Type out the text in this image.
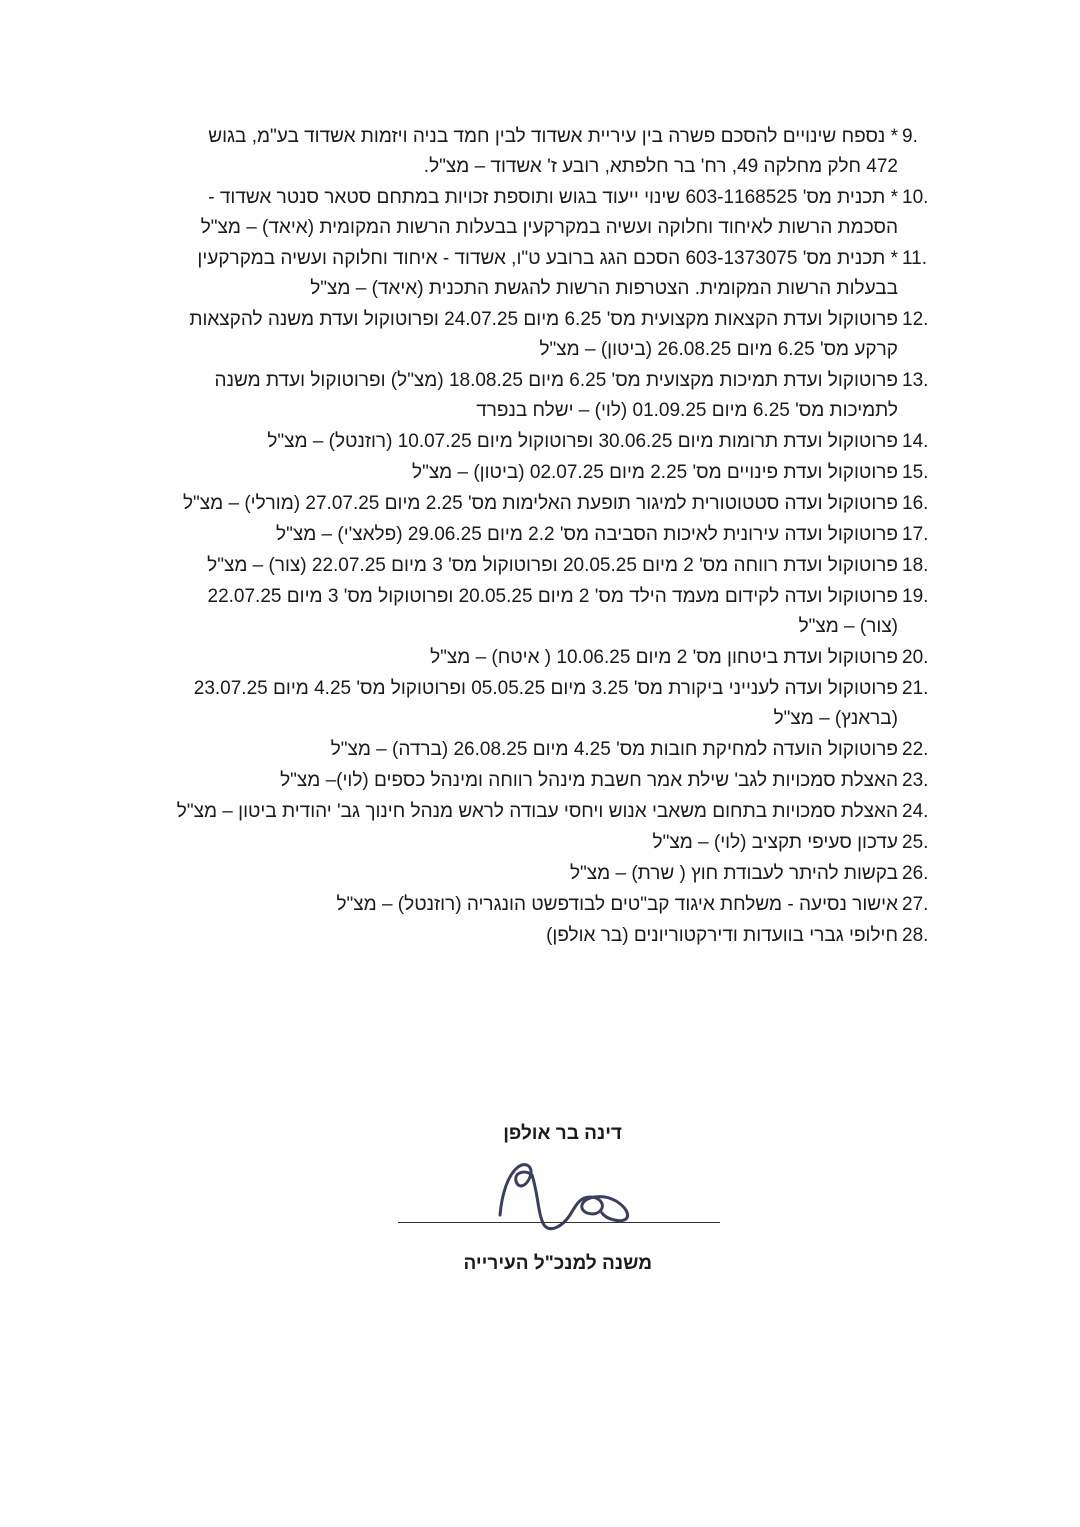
9.
* נספח שינויים להסכם פשרה בין עיריית אשדוד לבין חמד בניה ויזמות אשדוד בע"מ, בגוש 472 חלק מחלקה 49, רח' בר חלפתא, רובע ז' אשדוד – מצ"ל.
10.
* תכנית מס' 603-1168525 שינוי ייעוד בגוש ותוספת זכויות במתחם סטאר סנטר אשדוד - הסכמת הרשות לאיחוד וחלוקה ועשיה במקרקעין בבעלות הרשות המקומית (איאד) – מצ"ל
11.
* תכנית מס' 603-1373075 הסכם הגג ברובע ט"ו, אשדוד - איחוד וחלוקה ועשיה במקרקעין בבעלות הרשות המקומית. הצטרפות הרשות להגשת התכנית (איאד) – מצ"ל
12.
פרוטוקול ועדת הקצאות מקצועית מס' 6.25 מיום 24.07.25 ופרוטוקול ועדת משנה להקצאות קרקע מס' 6.25 מיום 26.08.25 (ביטון) – מצ"ל
13.
פרוטוקול ועדת תמיכות מקצועית מס' 6.25 מיום 18.08.25 (מצ"ל) ופרוטוקול ועדת משנה לתמיכות מס' 6.25 מיום 01.09.25 (לוי) – ישלח בנפרד
14.
פרוטוקול ועדת תרומות מיום 30.06.25 ופרוטוקול מיום 10.07.25 (רוזנטל) – מצ"ל
15.
פרוטוקול ועדת פינויים מס' 2.25 מיום 02.07.25 (ביטון) – מצ"ל
16.
פרוטוקול ועדה סטטוטורית למיגור תופעת האלימות מס' 2.25 מיום 27.07.25 (מורלי) – מצ"ל
17.
פרוטוקול ועדה עירונית לאיכות הסביבה מס' 2.2 מיום 29.06.25 (פלאצ'י) – מצ"ל
18.
פרוטוקול ועדת רווחה מס' 2 מיום 20.05.25 ופרוטוקול מס' 3 מיום 22.07.25 (צור) – מצ"ל
19.
פרוטוקול ועדה לקידום מעמד הילד מס' 2 מיום 20.05.25 ופרוטוקול מס' 3 מיום 22.07.25 (צור) – מצ"ל
20.
פרוטוקול ועדת ביטחון מס' 2 מיום 10.06.25 ( איטח) – מצ"ל
21.
פרוטוקול ועדה לענייני ביקורת מס' 3.25 מיום 05.05.25 ופרוטוקול מס' 4.25 מיום 23.07.25 (בראנץ) – מצ"ל
22.
פרוטוקול הועדה למחיקת חובות מס' 4.25 מיום 26.08.25 (ברדה) – מצ"ל
23.
האצלת סמכויות לגב' שילת אמר חשבת מינהל רווחה ומינהל כספים (לוי)– מצ"ל
24.
האצלת סמכויות בתחום משאבי אנוש ויחסי עבודה לראש מנהל חינוך גב' יהודית ביטון – מצ"ל
25.
עדכון סעיפי תקציב (לוי) – מצ"ל
26.
בקשות להיתר לעבודת חוץ ( שרת) – מצ"ל
27.
אישור נסיעה - משלחת איגוד קב"טים לבודפשט הונגריה (רוזנטל) – מצ"ל
28.
חילופי גברי בוועדות ודירקטוריונים (בר אולפן)
דינה בר אולפן
משנה למנכ"ל העירייה
